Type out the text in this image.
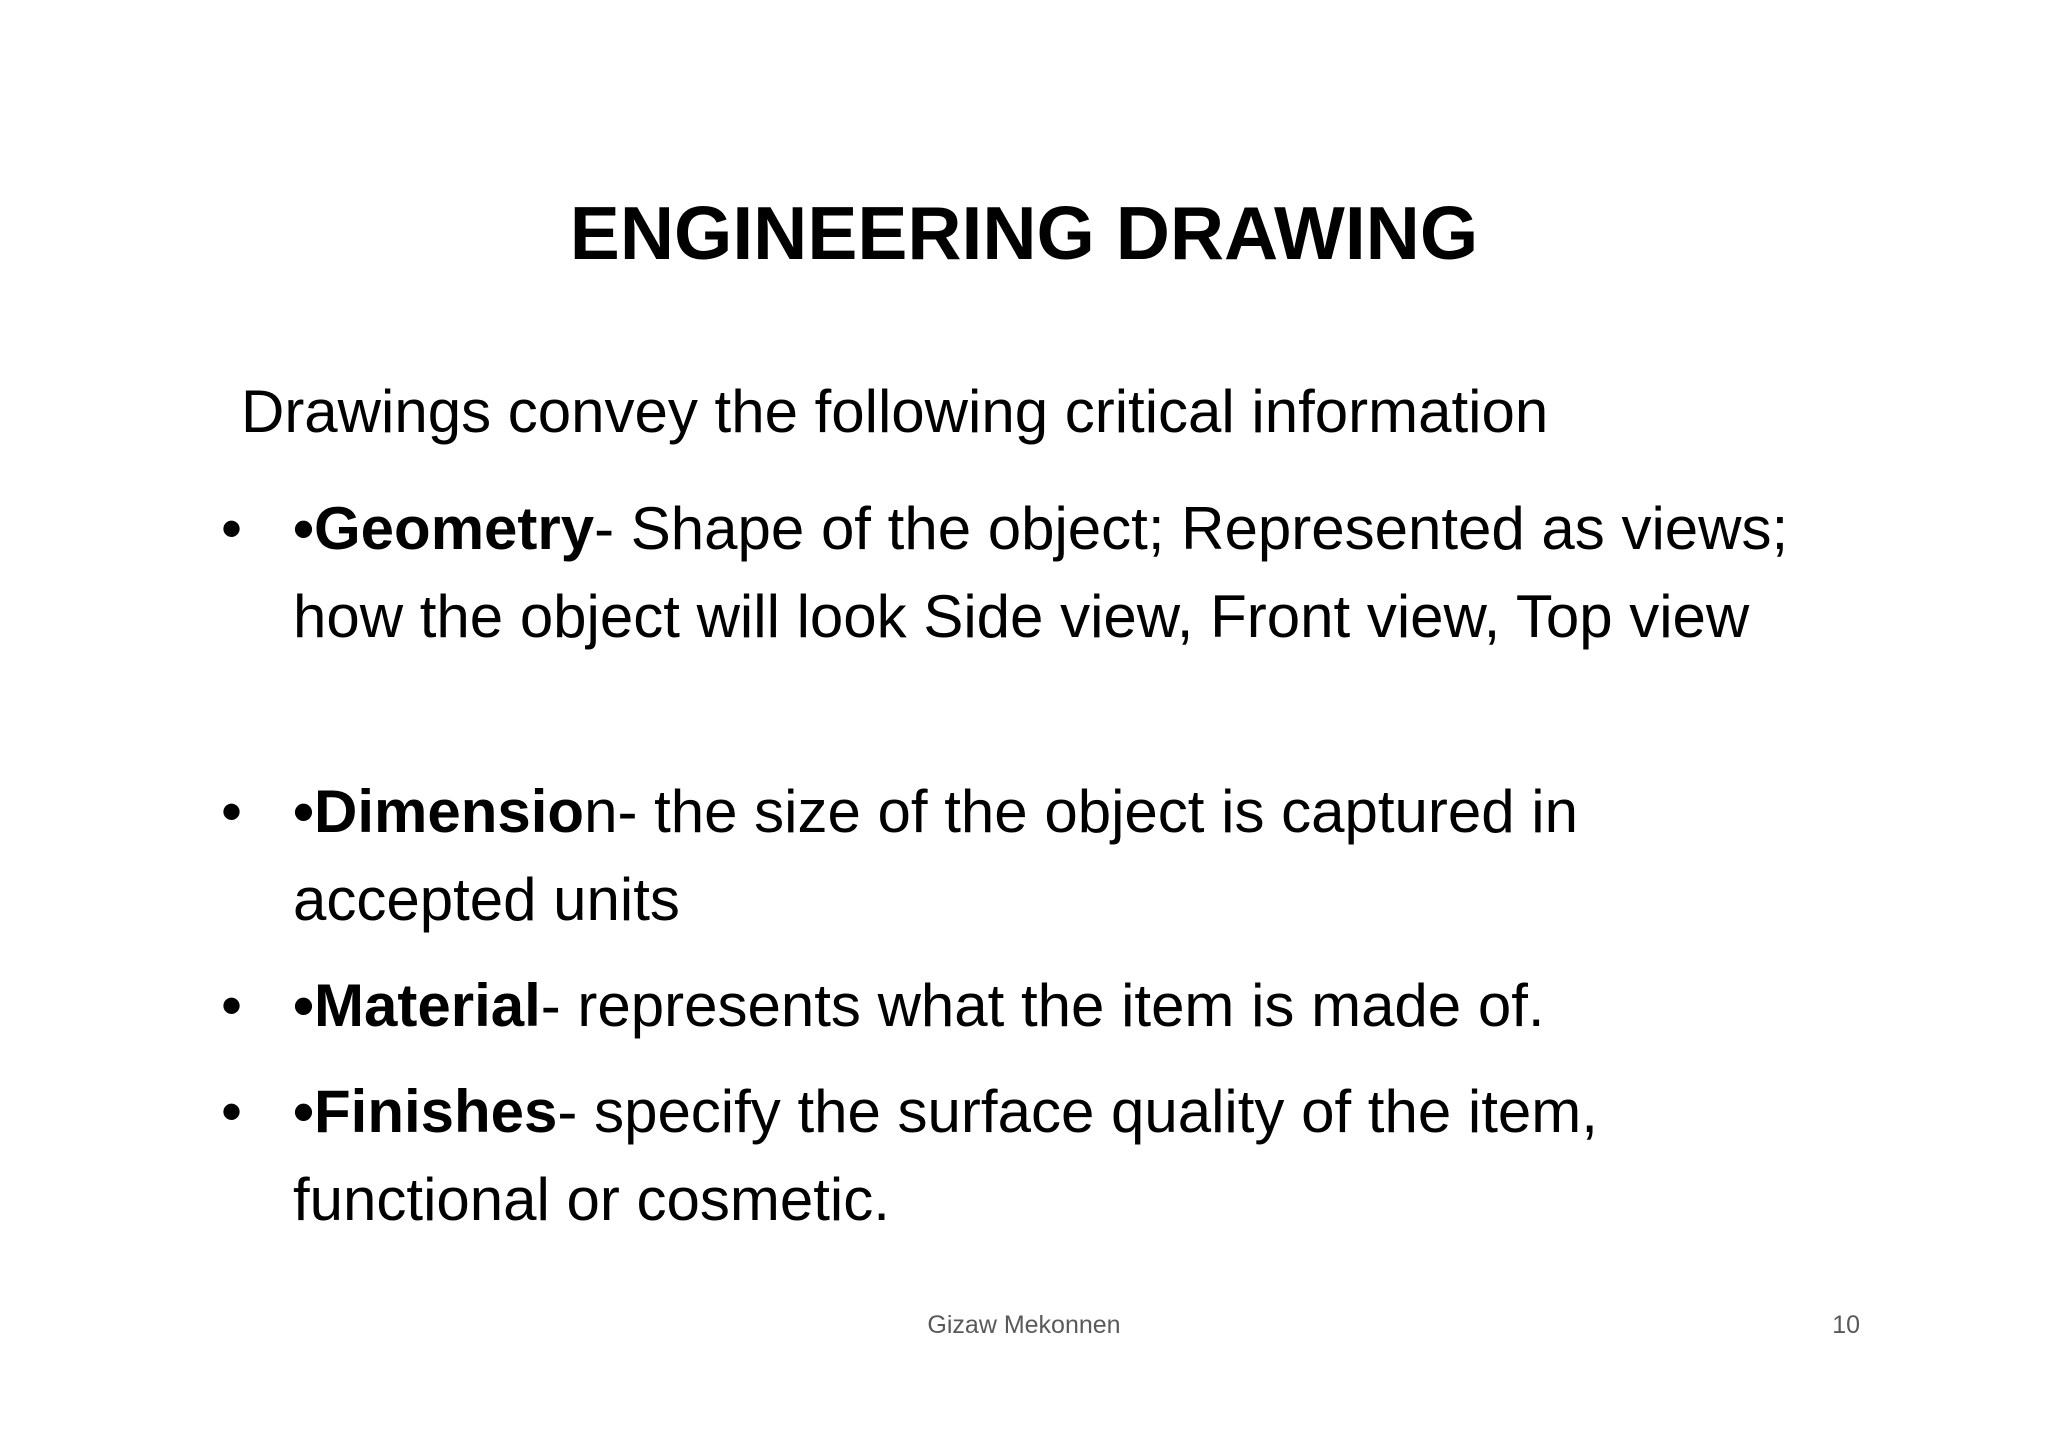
ENGINEERING DRAWING
Drawings convey the following critical information
• •Geometry- Shape of the object; Represented as views; how the object will look Side view, Front view, Top view
• •Dimension- the size of the object is captured in accepted units
• •Material- represents what the item is made of.
• •Finishes- specify the surface quality of the item, functional or cosmetic.
Gizaw Mekonnen	10
